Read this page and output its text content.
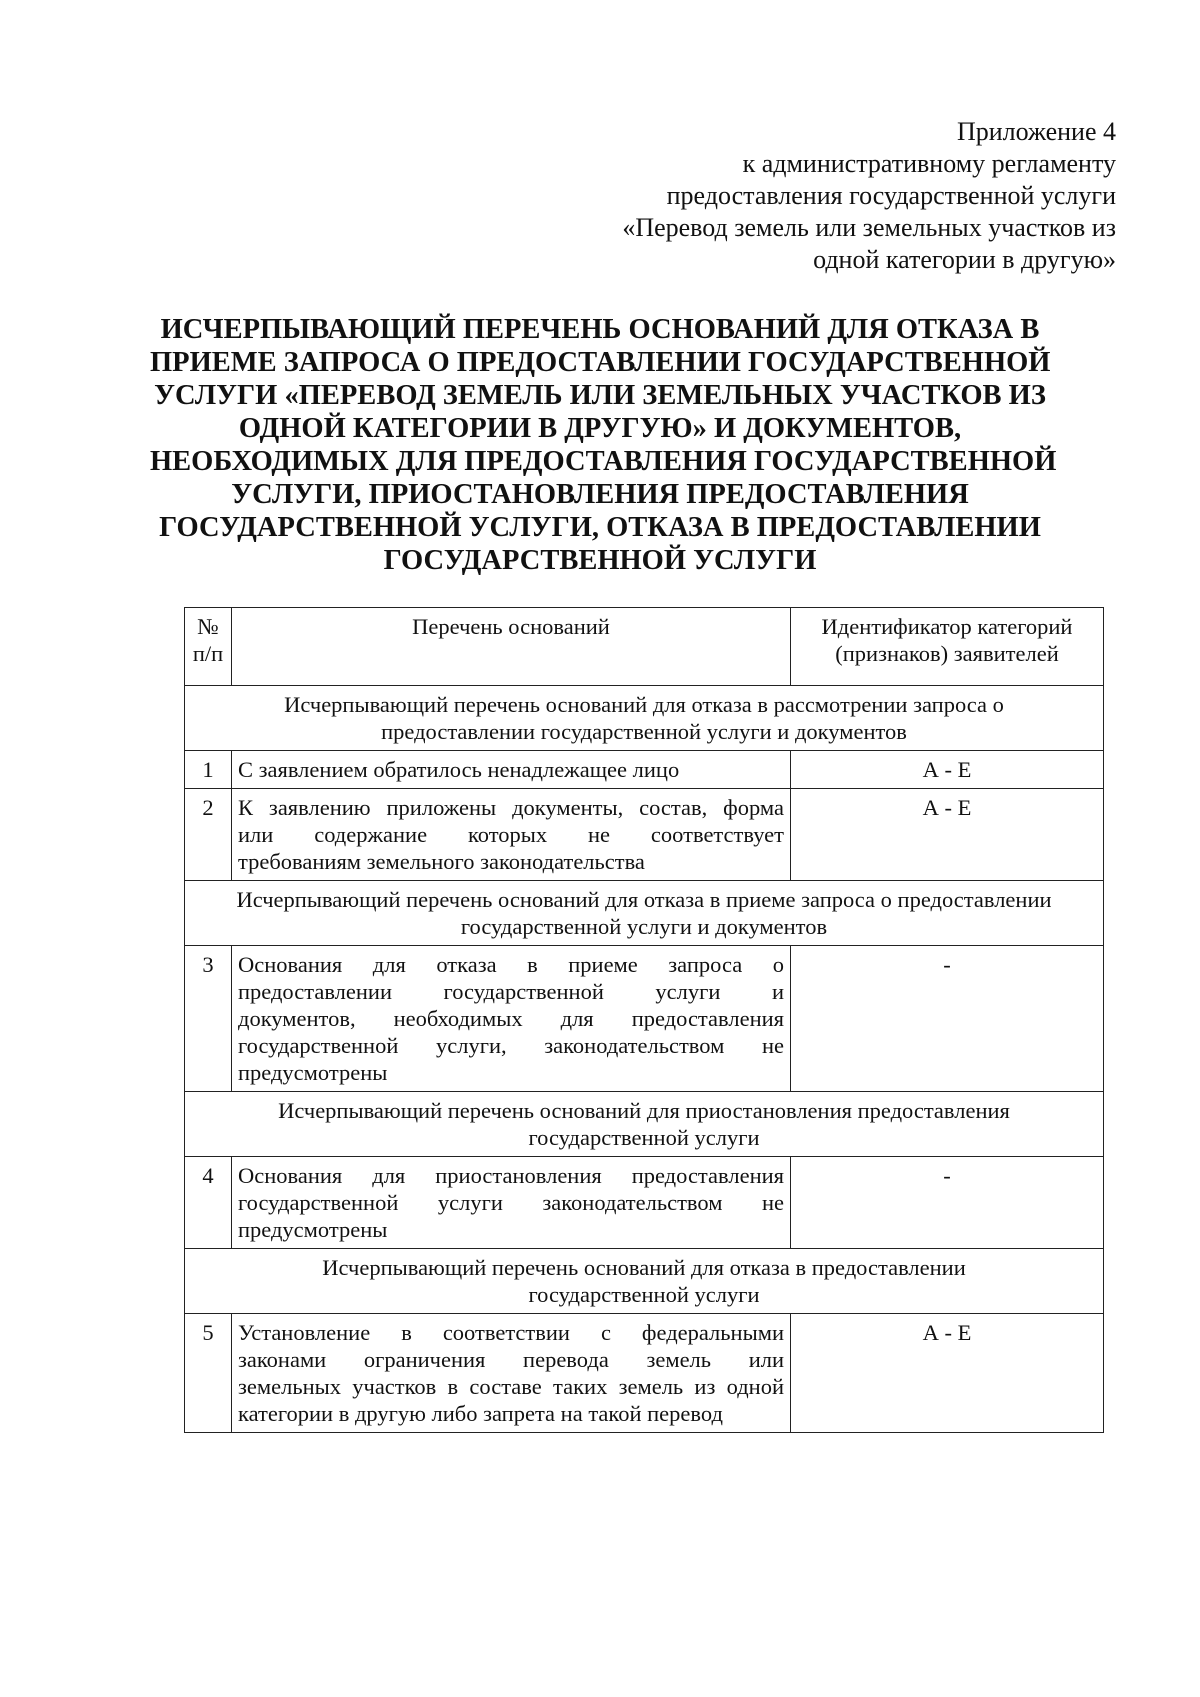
Приложение 4
к административному регламенту
предоставления государственной услуги
«Перевод земель или земельных участков из
одной категории в другую»
ИСЧЕРПЫВАЮЩИЙ ПЕРЕЧЕНЬ ОСНОВАНИЙ ДЛЯ ОТКАЗА В
ПРИЕМЕ ЗАПРОСА О ПРЕДОСТАВЛЕНИИ ГОСУДАРСТВЕННОЙ
УСЛУГИ «ПЕРЕВОД ЗЕМЕЛЬ ИЛИ ЗЕМЕЛЬНЫХ УЧАСТКОВ ИЗ
ОДНОЙ КАТЕГОРИИ В ДРУГУЮ» И ДОКУМЕНТОВ,
НЕОБХОДИМЫХ ДЛЯ ПРЕДОСТАВЛЕНИЯ ГОСУДАРСТВЕННОЙ
УСЛУГИ, ПРИОСТАНОВЛЕНИЯ ПРЕДОСТАВЛЕНИЯ
ГОСУДАРСТВЕННОЙ УСЛУГИ, ОТКАЗА В ПРЕДОСТАВЛЕНИИ
ГОСУДАРСТВЕННОЙ УСЛУГИ
№
п/п	Перечень оснований	Идентификатор категорий
(признаков) заявителей

Исчерпывающий перечень оснований для отказа в рассмотрении запроса о
предоставлении государственной услуги и документов		

1	С заявлением обратилось ненадлежащее лицо	А - Е
2	К заявлению приложены документы, состав, форма
или содержание которых не соответствует
требованиям земельного законодательства	А - Е

Исчерпывающий перечень оснований для отказа в приеме запроса о предоставлении
государственной услуги и документов		

3	Основания для отказа в приеме запроса о
предоставлении государственной услуги и
документов, необходимых для предоставления
государственной услуги, законодательством не
предусмотрены	-

Исчерпывающий перечень оснований для приостановления предоставления
государственной услуги		

4	Основания для приостановления предоставления
государственной услуги законодательством не
предусмотрены	-

Исчерпывающий перечень оснований для отказа в предоставлении
государственной услуги		

5	Установление в соответствии с федеральными
законами ограничения перевода земель или
земельных участков в составе таких земель из одной
категории в другую либо запрета на такой перевод	А - Е
